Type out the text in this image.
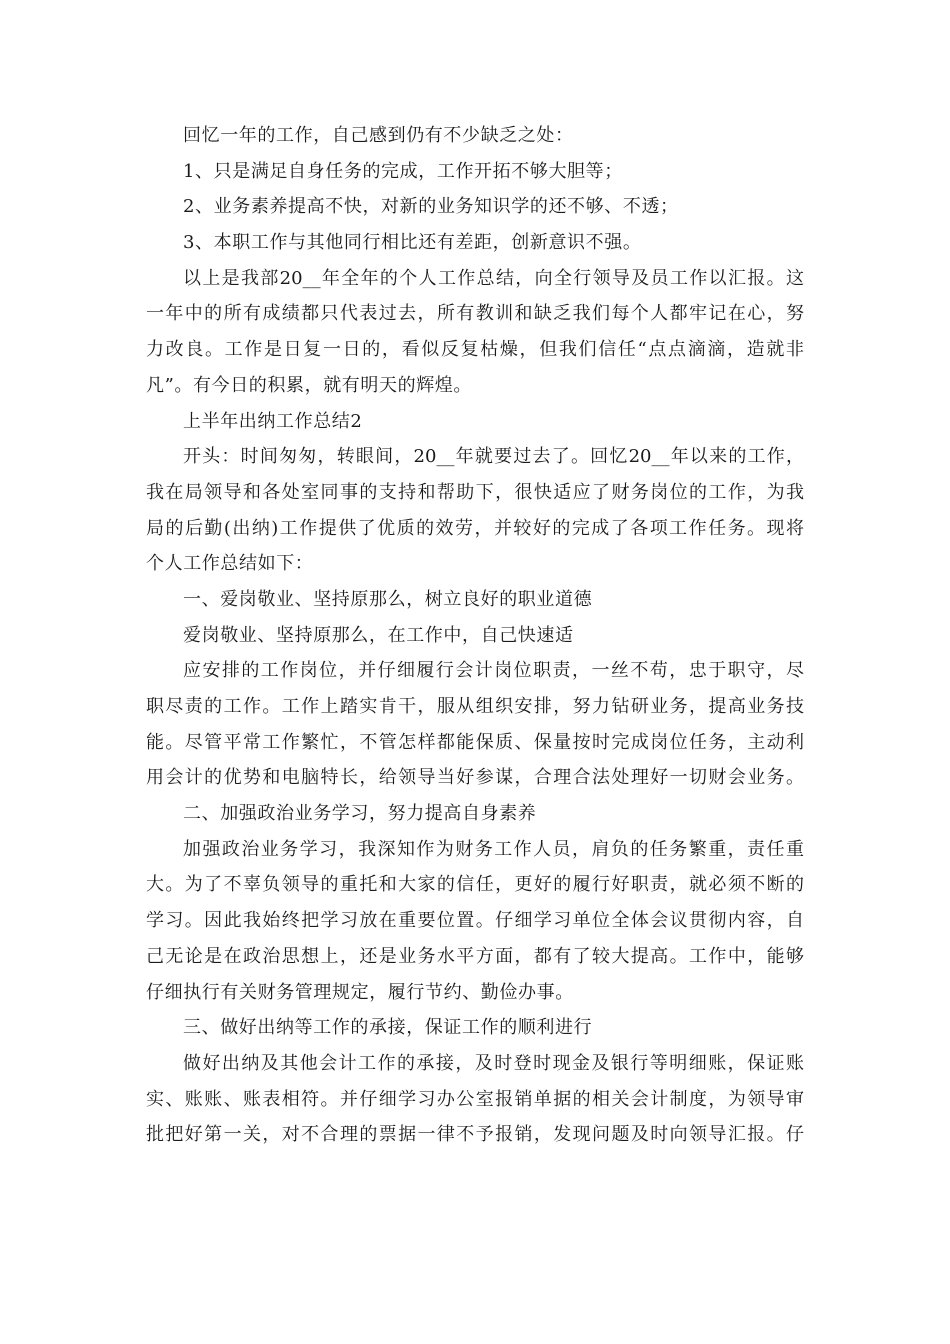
回忆一年的工作，自己感到仍有不少缺乏之处：
1、只是满足自身任务的完成，工作开拓不够大胆等；
2、业务素养提高不快，对新的业务知识学的还不够、不透；
3、本职工作与其他同行相比还有差距，创新意识不强。
以上是我部20__年全年的个人工作总结，向全行领导及员工作以汇报。这
一年中的所有成绩都只代表过去，所有教训和缺乏我们每个人都牢记在心，努
力改良。工作是日复一日的，看似反复枯燥，但我们信任“点点滴滴，造就非
凡”。有今日的积累，就有明天的辉煌。
上半年出纳工作总结2
开头：时间匆匆，转眼间，20__年就要过去了。回忆20__年以来的工作，
我在局领导和各处室同事的支持和帮助下，很快适应了财务岗位的工作，为我
局的后勤(出纳)工作提供了优质的效劳，并较好的完成了各项工作任务。现将
个人工作总结如下：
一、爱岗敬业、坚持原那么，树立良好的职业道德
爱岗敬业、坚持原那么，在工作中，自己快速适
应安排的工作岗位，并仔细履行会计岗位职责，一丝不苟，忠于职守，尽
职尽责的工作。工作上踏实肯干，服从组织安排，努力钻研业务，提高业务技
能。尽管平常工作繁忙，不管怎样都能保质、保量按时完成岗位任务，主动利
用会计的优势和电脑特长，给领导当好参谋，合理合法处理好一切财会业务。
二、加强政治业务学习，努力提高自身素养
加强政治业务学习，我深知作为财务工作人员，肩负的任务繁重，责任重
大。为了不辜负领导的重托和大家的信任，更好的履行好职责，就必须不断的
学习。因此我始终把学习放在重要位置。仔细学习单位全体会议贯彻内容，自
己无论是在政治思想上，还是业务水平方面，都有了较大提高。工作中，能够
仔细执行有关财务管理规定，履行节约、勤俭办事。
三、做好出纳等工作的承接，保证工作的顺利进行
做好出纳及其他会计工作的承接，及时登时现金及银行等明细账，保证账
实、账账、账表相符。并仔细学习办公室报销单据的相关会计制度，为领导审
批把好第一关，对不合理的票据一律不予报销，发现问题及时向领导汇报。仔
